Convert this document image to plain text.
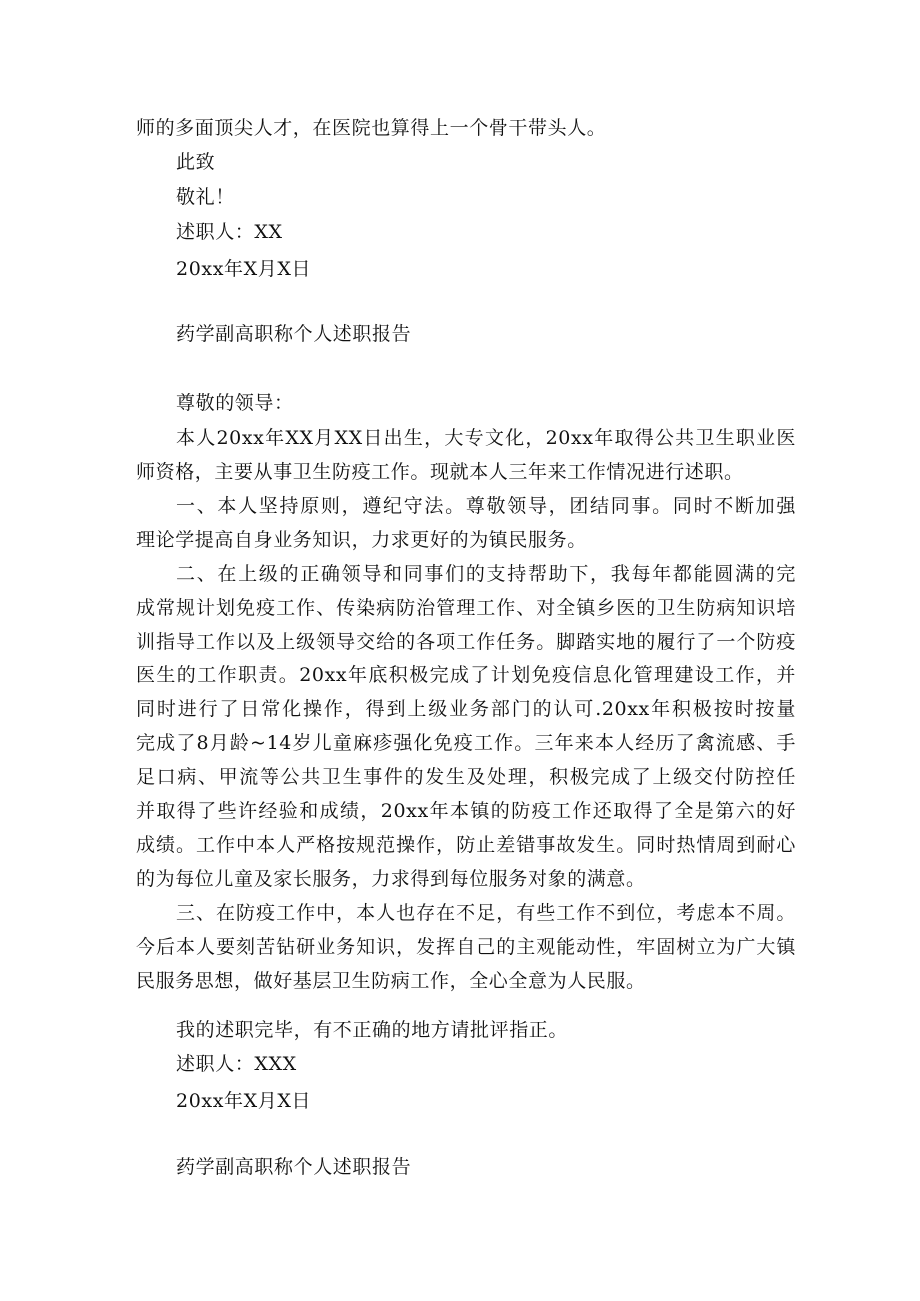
师的多面顶尖人才，在医院也算得上一个骨干带头人。
此致
敬礼！
述职人：XX
20xx年X月X日
药学副高职称个人述职报告
尊敬的领导：
本人20xx年XX月XX日出生，大专文化，20xx年取得公共卫生职业医
师资格，主要从事卫生防疫工作。现就本人三年来工作情况进行述职。
一、本人坚持原则，遵纪守法。尊敬领导，团结同事。同时不断加强
理论学提高自身业务知识，力求更好的为镇民服务。
二、在上级的正确领导和同事们的支持帮助下，我每年都能圆满的完
成常规计划免疫工作、传染病防治管理工作、对全镇乡医的卫生防病知识培
训指导工作以及上级领导交给的各项工作任务。脚踏实地的履行了一个防疫
医生的工作职责。20xx年底积极完成了计划免疫信息化管理建设工作，并
同时进行了日常化操作，得到上级业务部门的认可.20xx年积极按时按量
完成了8月龄~14岁儿童麻疹强化免疫工作。三年来本人经历了禽流感、手
足口病、甲流等公共卫生事件的发生及处理，积极完成了上级交付防控任
并取得了些许经验和成绩，20xx年本镇的防疫工作还取得了全是第六的好
成绩。工作中本人严格按规范操作，防止差错事故发生。同时热情周到耐心
的为每位儿童及家长服务，力求得到每位服务对象的满意。
三、在防疫工作中，本人也存在不足，有些工作不到位，考虑本不周。
今后本人要刻苦钻研业务知识，发挥自己的主观能动性，牢固树立为广大镇
民服务思想，做好基层卫生防病工作，全心全意为人民服。
我的述职完毕，有不正确的地方请批评指正。
述职人：XXX
20xx年X月X日
药学副高职称个人述职报告
